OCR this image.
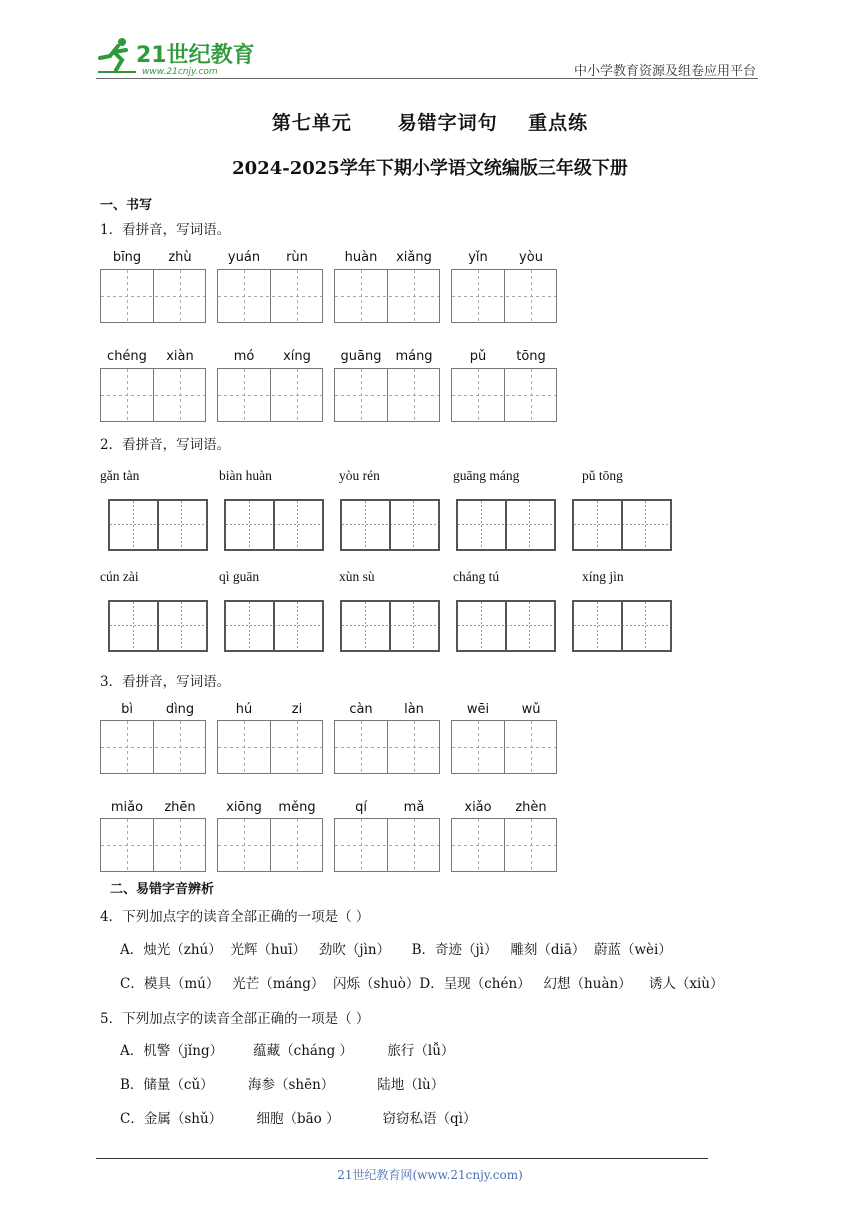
21世纪教育
www.21cnjy.com	中小学教育资源及组卷应用平台
第七单元      易错字词句    重点练
2024-2025学年下期小学语文统编版三年级下册
一、书写
1．看拼音，写词语。
bīng	zhù	yuán	rùn	huàn	xiǎng	yǐn	yòu
chéng	xiàn	mó	xíng	guāng	máng	pǔ	tōng
2．看拼音，写词语。
gǎn tàn	biàn huàn	yòu rén	guāng máng	pǔ tōng
cún zài	qì guān	xùn sù	cháng tú	xíng jìn
3．看拼音，写词语。
bì	dìng	hú	zi	càn	làn	wēi	wǔ
miǎo	zhēn	xiōng	měng	qí	mǎ	xiǎo	zhèn
二、易错字音辨析
4．下列加点字的读音全部正确的一项是（ ）
A．烛光（zhú）  光辉（huī）   劲吹（jìn）     B．奇迹（jì）   雕刻（diā）  蔚蓝（wèi）
C．模具（mú）   光芒（máng）  闪烁（shuò）D．呈现（chén）   幻想（huàn）    诱人（xiù）
5．下列加点字的读音全部正确的一项是（ ）
A．机警（jǐng）       蕴藏（cháng ）        旅行（lǚ）
B．储量（cǔ）        海参（shēn）          陆地（lù）
C．金属（shǔ）        细胞（bāo ）          窃窃私语（qì）
21世纪教育网(www.21cnjy.com)
